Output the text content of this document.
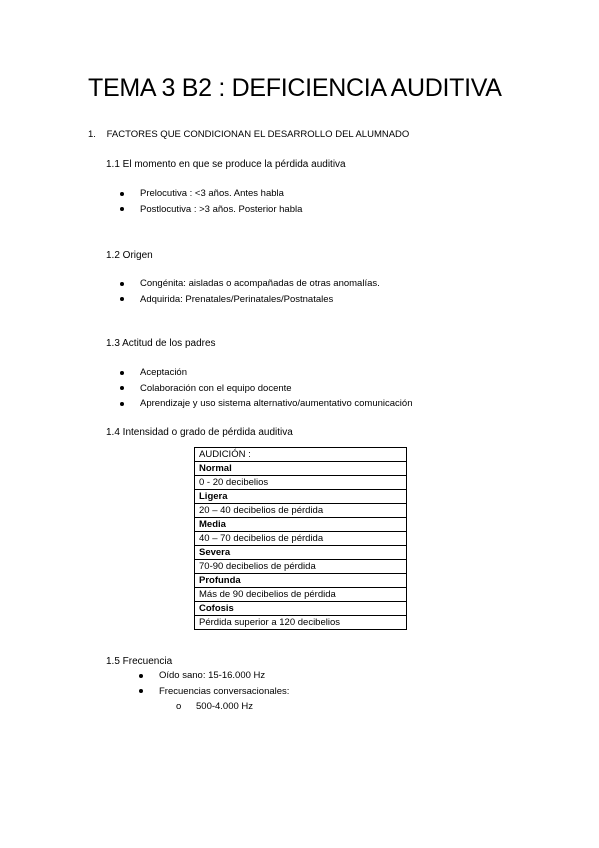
TEMA 3 B2 : DEFICIENCIA AUDITIVA
1. FACTORES QUE CONDICIONAN EL DESARROLLO DEL ALUMNADO
1.1 El momento en que se produce la pérdida auditiva
Prelocutiva : <3 años. Antes habla
Postlocutiva : >3 años. Posterior habla
1.2 Origen
Congénita: aisladas o acompañadas de otras anomalías.
Adquirida: Prenatales/Perinatales/Postnatales
1.3 Actitud de los padres
Aceptación
Colaboración con el equipo docente
Aprendizaje y uso sistema alternativo/aumentativo comunicación
1.4 Intensidad o grado de pérdida auditiva
AUDICIÓN :
Normal
0 - 20 decibelios
Ligera
20 – 40 decibelios de pérdida
Media
40 – 70 decibelios de pérdida
Severa
70-90 decibelios de pérdida
Profunda
Más de 90 decibelios de pérdida
Cofosis
Pérdida superior a 120 decibelios
1.5 Frecuencia
Oído sano: 15-16.000 Hz
Frecuencias conversacionales:
o 500-4.000 Hz
